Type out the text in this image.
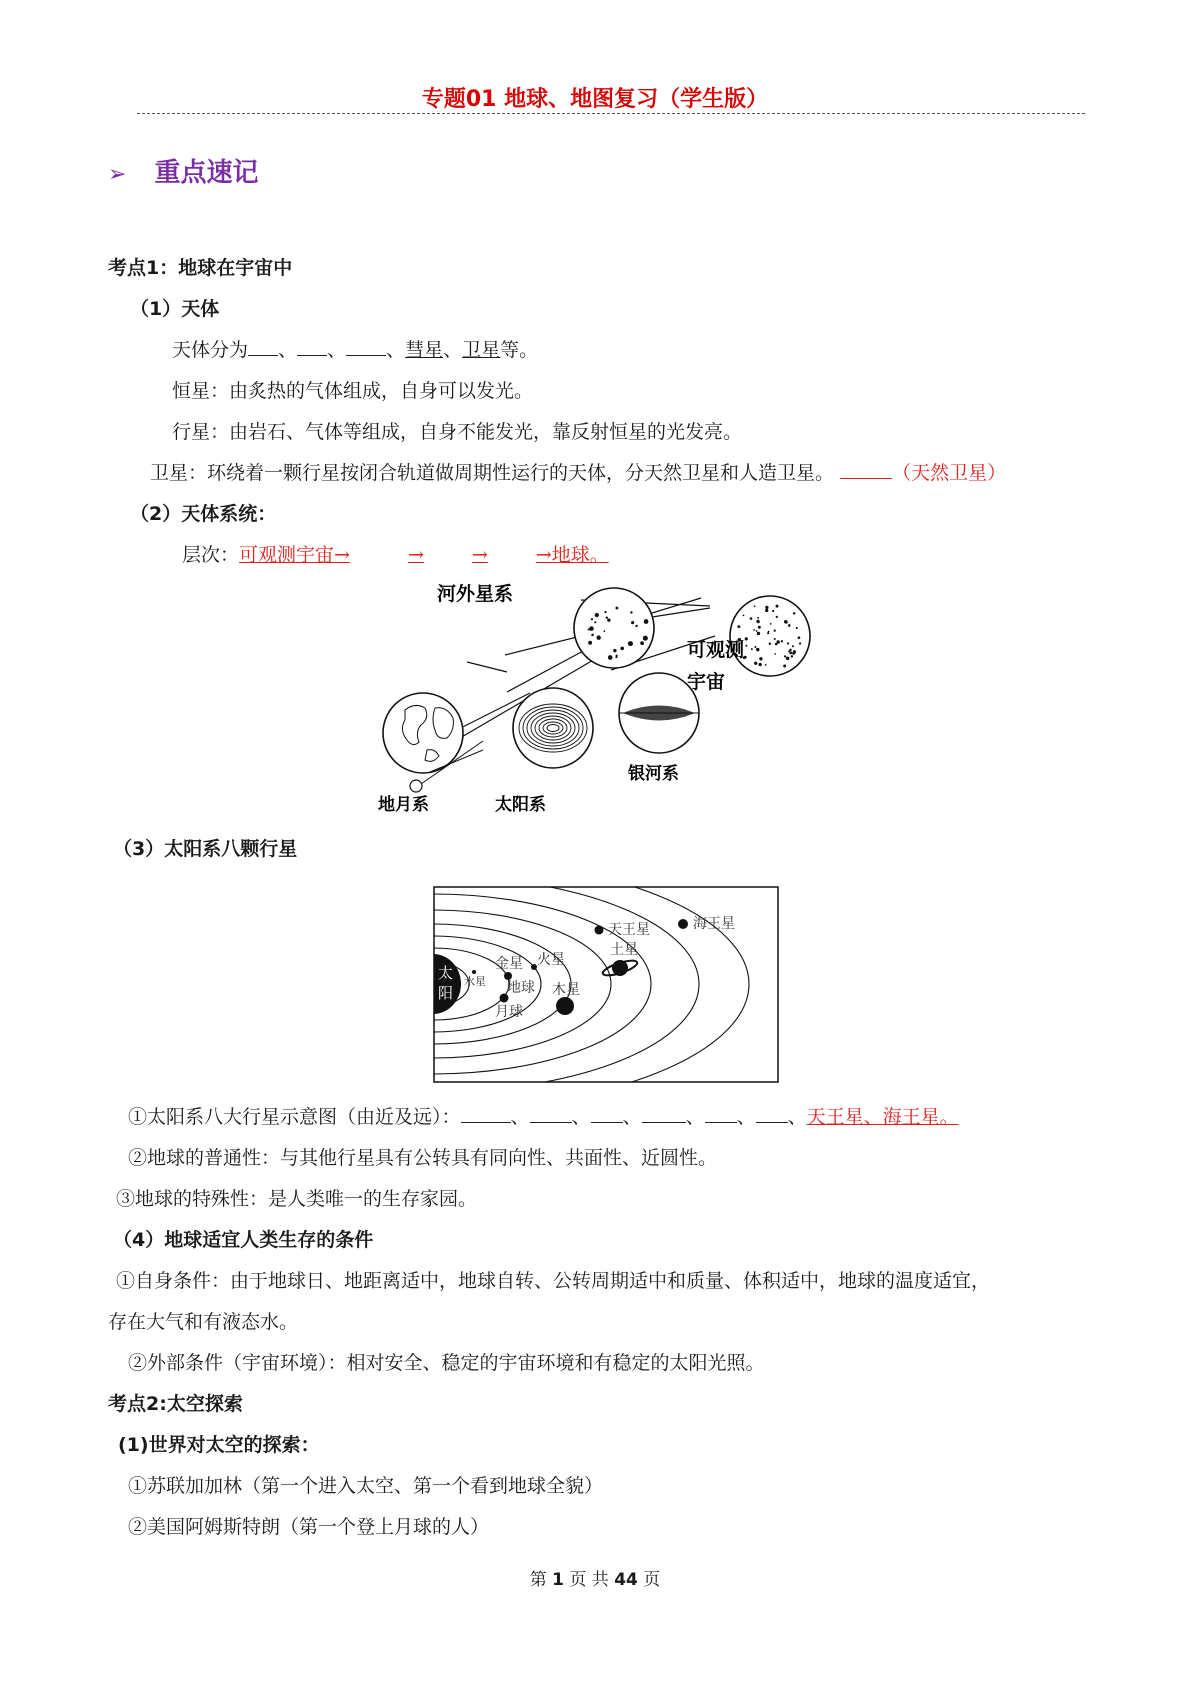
专题01 地球、地图复习（学生版）
➢ 重点速记
考点1：地球在宇宙中
（1）天体
天体分为 、 、 、彗星、卫星等。
恒星：由炙热的气体组成，自身可以发光。
行星：由岩石、气体等组成，自身不能发光，靠反射恒星的光发亮。
卫星：环绕着一颗行星按闭合轨道做周期性运行的天体，分天然卫星和人造卫星。	（天然卫星）
（2）天体系统：
层次：可观测宇宙→	→	→	→地球。
河外星系
可观测
宇宙
银河系
地月系	太阳系
（3）太阳系八颗行星
太
阳
水星
金星
地球
月球
火星
木星
土星
天王星	海王星
①太阳系八大行星示意图（由近及远）：	、 、 、 、 、 、天王星、海王星。
②地球的普通性：与其他行星具有公转具有同向性、共面性、近圆性。
③地球的特殊性：是人类唯一的生存家园。
（4）地球适宜人类生存的条件
①自身条件：由于地球日、地距离适中，地球自转、公转周期适中和质量、体积适中，地球的温度适宜，
存在大气和有液态水。
②外部条件（宇宙环境）：相对安全、稳定的宇宙环境和有稳定的太阳光照。
考点2:太空探索
(1)世界对太空的探索：
①苏联加加林（第一个进入太空、第一个看到地球全貌）
②美国阿姆斯特朗（第一个登上月球的人）
第 1 页 共 44 页
